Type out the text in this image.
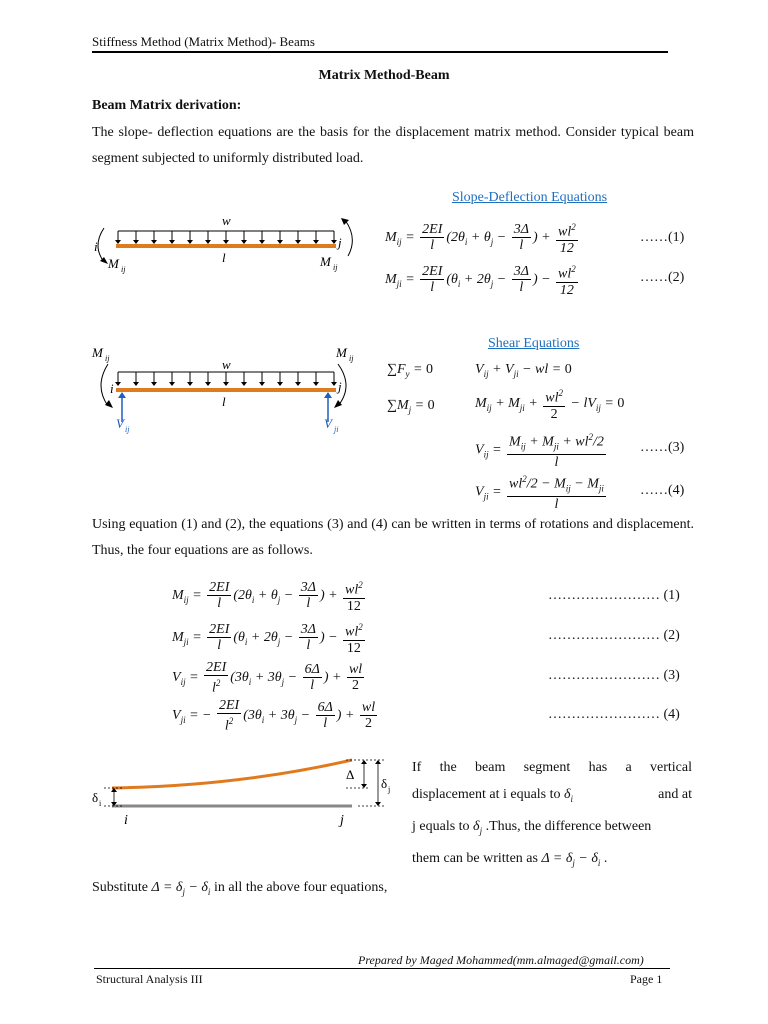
Stiffness Method (Matrix Method)- Beams
Matrix Method-Beam
Beam Matrix derivation:
The slope- deflection equations are the basis for the displacement matrix method. Consider typical beam segment subjected to uniformly distributed load.
w
l
i	j
M ij
M ij
Slope-Deflection Equations
$M_{ij} = \frac{2EI}{l} (2\theta_i + \theta_j - \frac{3\Delta}{l}$ ) + $\frac{wl^2}{12}$	……(1)
$M_{ji} = \frac{2EI}{l} (\theta_i + 2\theta_j - \frac{3\Delta}{l}$ ) − $\frac{wl^2}{12}$	……(2)
M ij	M ij
w
l
i	j
V ij	V ji
Shear Equations
$\sum F_y = 0$	$V_{ij} + V_{ji}$ − wl = 0
$\sum M_j = 0$	$M_{ij} + M_{ji} + \frac{wl^2}{2} - lV_{ij} = 0$
$V_{ij} = \frac{M_{ij} + M_{ji} + wl^2/2}{l}$ ……(3)
$V_{ji} = \frac{wl^2/2 - M_{ij} - M_{ji}}{l}$ ……(4)
Using equation (1) and (2), the equations (3) and (4) can be written in terms of rotations and displacement. Thus, the four equations are as follows.
$M_{ij} = \frac{2EI}{l} (2\theta_i + \theta_j - \frac{3\Delta}{l}$ ) + $\frac{wl^2}{12}$	…………………… (1)
$M_{ji} = \frac{2EI}{l} (\theta_i + 2\theta_j - \frac{3\Delta}{l}$ ) − $\frac{wl^2}{12}$	…………………… (2)
$V_{ij} = \frac{2EI}{l^2} (3\theta_i + 3\theta_j - \frac{6\Delta}{l}$ ) + $\frac{wl}{2}$	…………………… (3)
$V_{ji}$ = − $\frac{2EI}{l^2} (3\theta_i + 3\theta_j - \frac{6\Delta}{l}$ ) + $\frac{wl}{2}$	…………………… (4)
Δ
δ j
δ i
i	j
If the beam segment has a vertical
displacement at i equals to $\delta_i$	and at
j equals to $\delta_j$ .Thus, the difference between
them can be written as $\Delta = \delta_j - \delta_i$ .
Substitute $\Delta = \delta_j - \delta_i$ in all the above four equations,
Prepared by Maged Mohammed(mm.almaged@gmail.com)
Structural Analysis III	Page 1
